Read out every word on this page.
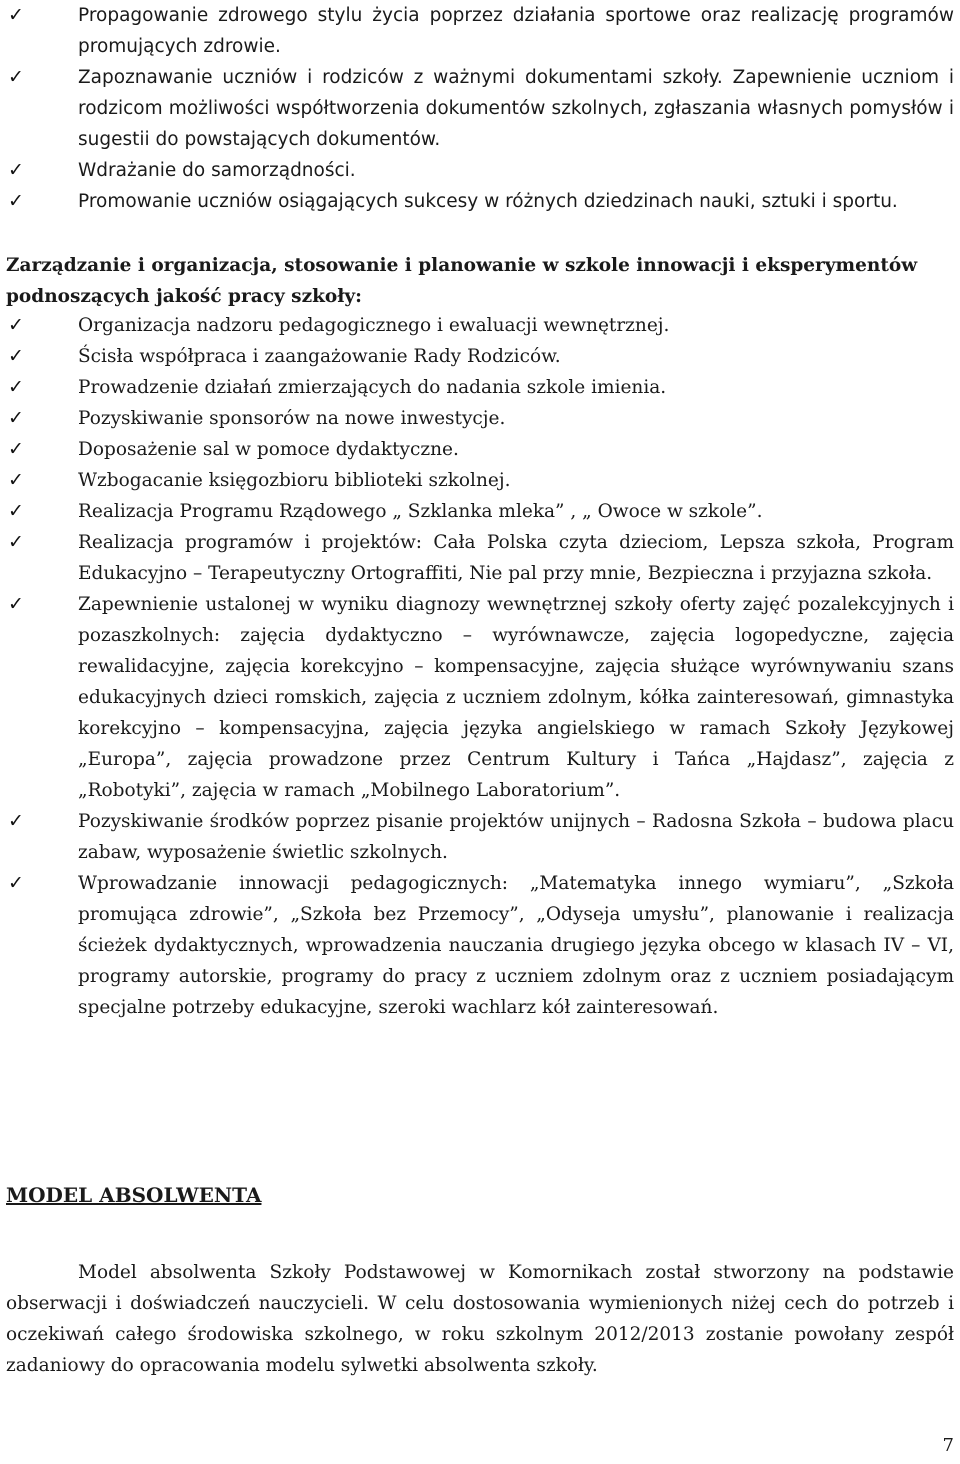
✓	Propagowanie zdrowego stylu życia poprzez działania sportowe oraz realizację programów promujących zdrowie.
✓	Zapoznawanie uczniów i rodziców z ważnymi dokumentami szkoły. Zapewnienie uczniom i rodzicom możliwości współtworzenia dokumentów szkolnych, zgłaszania własnych pomysłów i sugestii do powstających dokumentów.
✓	Wdrażanie do samorządności.
✓	Promowanie uczniów osiągających sukcesy w różnych dziedzinach nauki, sztuki i sportu.
Zarządzanie i organizacja, stosowanie i planowanie w szkole innowacji i eksperymentów podnoszących jakość pracy szkoły:
✓	Organizacja nadzoru pedagogicznego i ewaluacji wewnętrznej.
✓	Ścisła współpraca i zaangażowanie Rady Rodziców.
✓	Prowadzenie działań zmierzających do nadania szkole imienia.
✓	Pozyskiwanie sponsorów na nowe inwestycje.
✓	Doposażenie sal w pomoce dydaktyczne.
✓	Wzbogacanie księgozbioru biblioteki szkolnej.
✓	Realizacja Programu Rządowego „ Szklanka mleka” , „ Owoce w szkole”.
✓	Realizacja programów i projektów: Cała Polska czyta dzieciom, Lepsza szkoła, Program Edukacyjno – Terapeutyczny Ortograffiti, Nie pal przy mnie, Bezpieczna i przyjazna szkoła.
✓	Zapewnienie ustalonej w wyniku diagnozy wewnętrznej szkoły oferty zajęć pozalekcyjnych i pozaszkolnych: zajęcia dydaktyczno – wyrównawcze, zajęcia logopedyczne, zajęcia rewalidacyjne, zajęcia korekcyjno – kompensacyjne, zajęcia służące wyrównywaniu szans edukacyjnych dzieci romskich, zajęcia z uczniem zdolnym, kółka zainteresowań, gimnastyka korekcyjno – kompensacyjna, zajęcia języka angielskiego w ramach Szkoły Językowej „Europa”, zajęcia prowadzone przez Centrum Kultury i Tańca „Hajdasz”, zajęcia z „Robotyki”, zajęcia w ramach „Mobilnego Laboratorium”.
✓	Pozyskiwanie środków poprzez pisanie projektów unijnych – Radosna Szkoła – budowa placu zabaw, wyposażenie świetlic szkolnych.
✓	Wprowadzanie innowacji pedagogicznych: „Matematyka innego wymiaru”, „Szkoła promująca zdrowie”, „Szkoła bez Przemocy”, „Odyseja umysłu”, planowanie i realizacja ścieżek dydaktycznych, wprowadzenia nauczania drugiego języka obcego w klasach IV – VI, programy autorskie, programy do pracy z uczniem zdolnym oraz z uczniem posiadającym specjalne potrzeby edukacyjne, szeroki wachlarz kół zainteresowań.
MODEL ABSOLWENTA

Model absolwenta Szkoły Podstawowej w Komornikach został stworzony na podstawie obserwacji i doświadczeń nauczycieli. W celu dostosowania wymienionych niżej cech do potrzeb i oczekiwań całego środowiska szkolnego, w roku szkolnym 2012/2013 zostanie powołany zespół zadaniowy do opracowania modelu sylwetki absolwenta szkoły.

7
